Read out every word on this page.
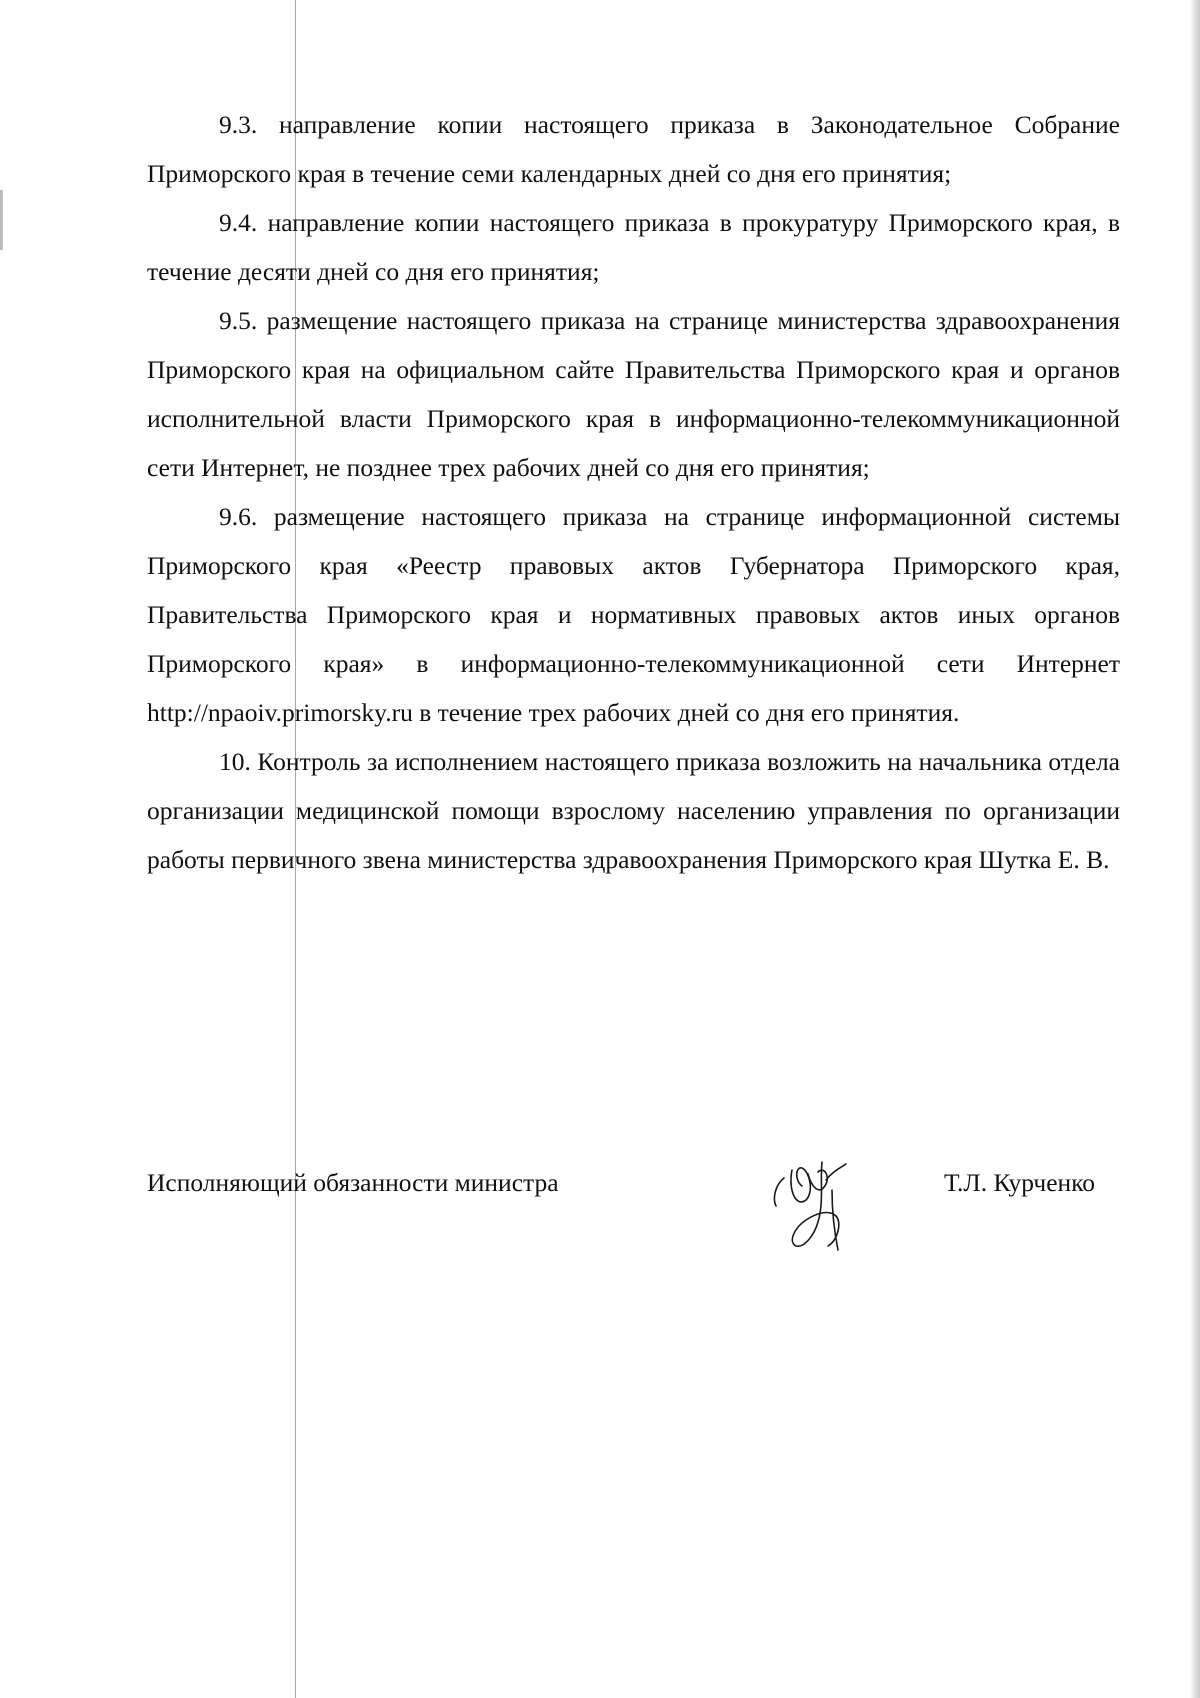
9.3. направление копии настоящего приказа в Законодательное Собрание Приморского края в течение семи календарных дней со дня его принятия;

9.4. направление копии настоящего приказа в прокуратуру Приморского края, в течение десяти дней со дня его принятия;

9.5. размещение настоящего приказа на странице министерства здравоохранения Приморского края на официальном сайте Правительства Приморского края и органов исполнительной власти Приморского края в информационно-телекоммуникационной сети Интернет, не позднее трех рабочих дней со дня его принятия;

9.6. размещение настоящего приказа на странице информационной системы Приморского края «Реестр правовых актов Губернатора Приморского края, Правительства Приморского края и нормативных правовых актов иных органов Приморского края» в информационно-телекоммуникационной сети Интернет http://npaoiv.primorsky.ru в течение трех рабочих дней со дня его принятия.

10. Контроль за исполнением настоящего приказа возложить на начальника отдела организации медицинской помощи взрослому населению управления по организации работы первичного звена министерства здравоохранения Приморского края Шутка Е. В.

Исполняющий обязанности министра	Т.Л. Курченко
